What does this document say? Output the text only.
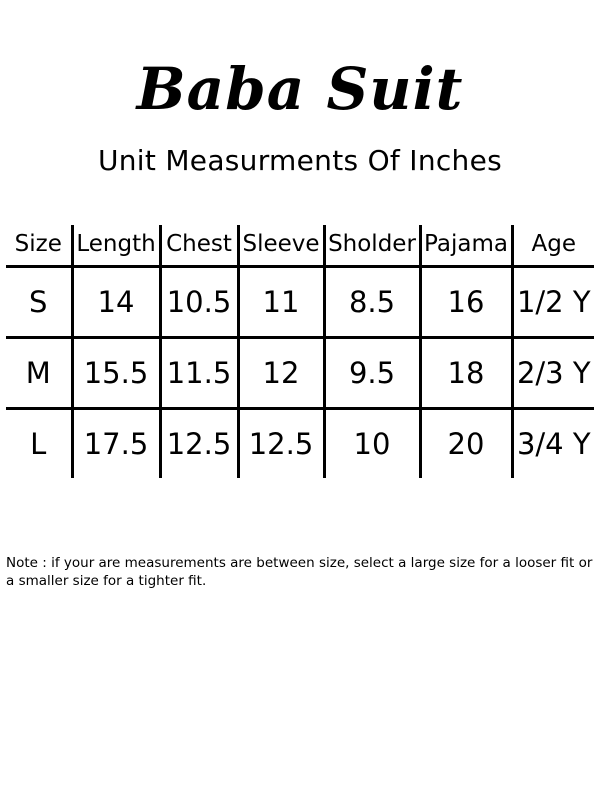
Baba Suit
Unit Measurments Of Inches
Size	Length	Chest	Sleeve	Sholder	Pajama	Age
S	14	10.5	11	8.5	16	1/2 Y
M	15.5	11.5	12	9.5	18	2/3 Y
L	17.5	12.5	12.5	10	20	3/4 Y

Note : if your are measurements are between size, select a large size for a looser fit or a smaller size for a tighter fit.
